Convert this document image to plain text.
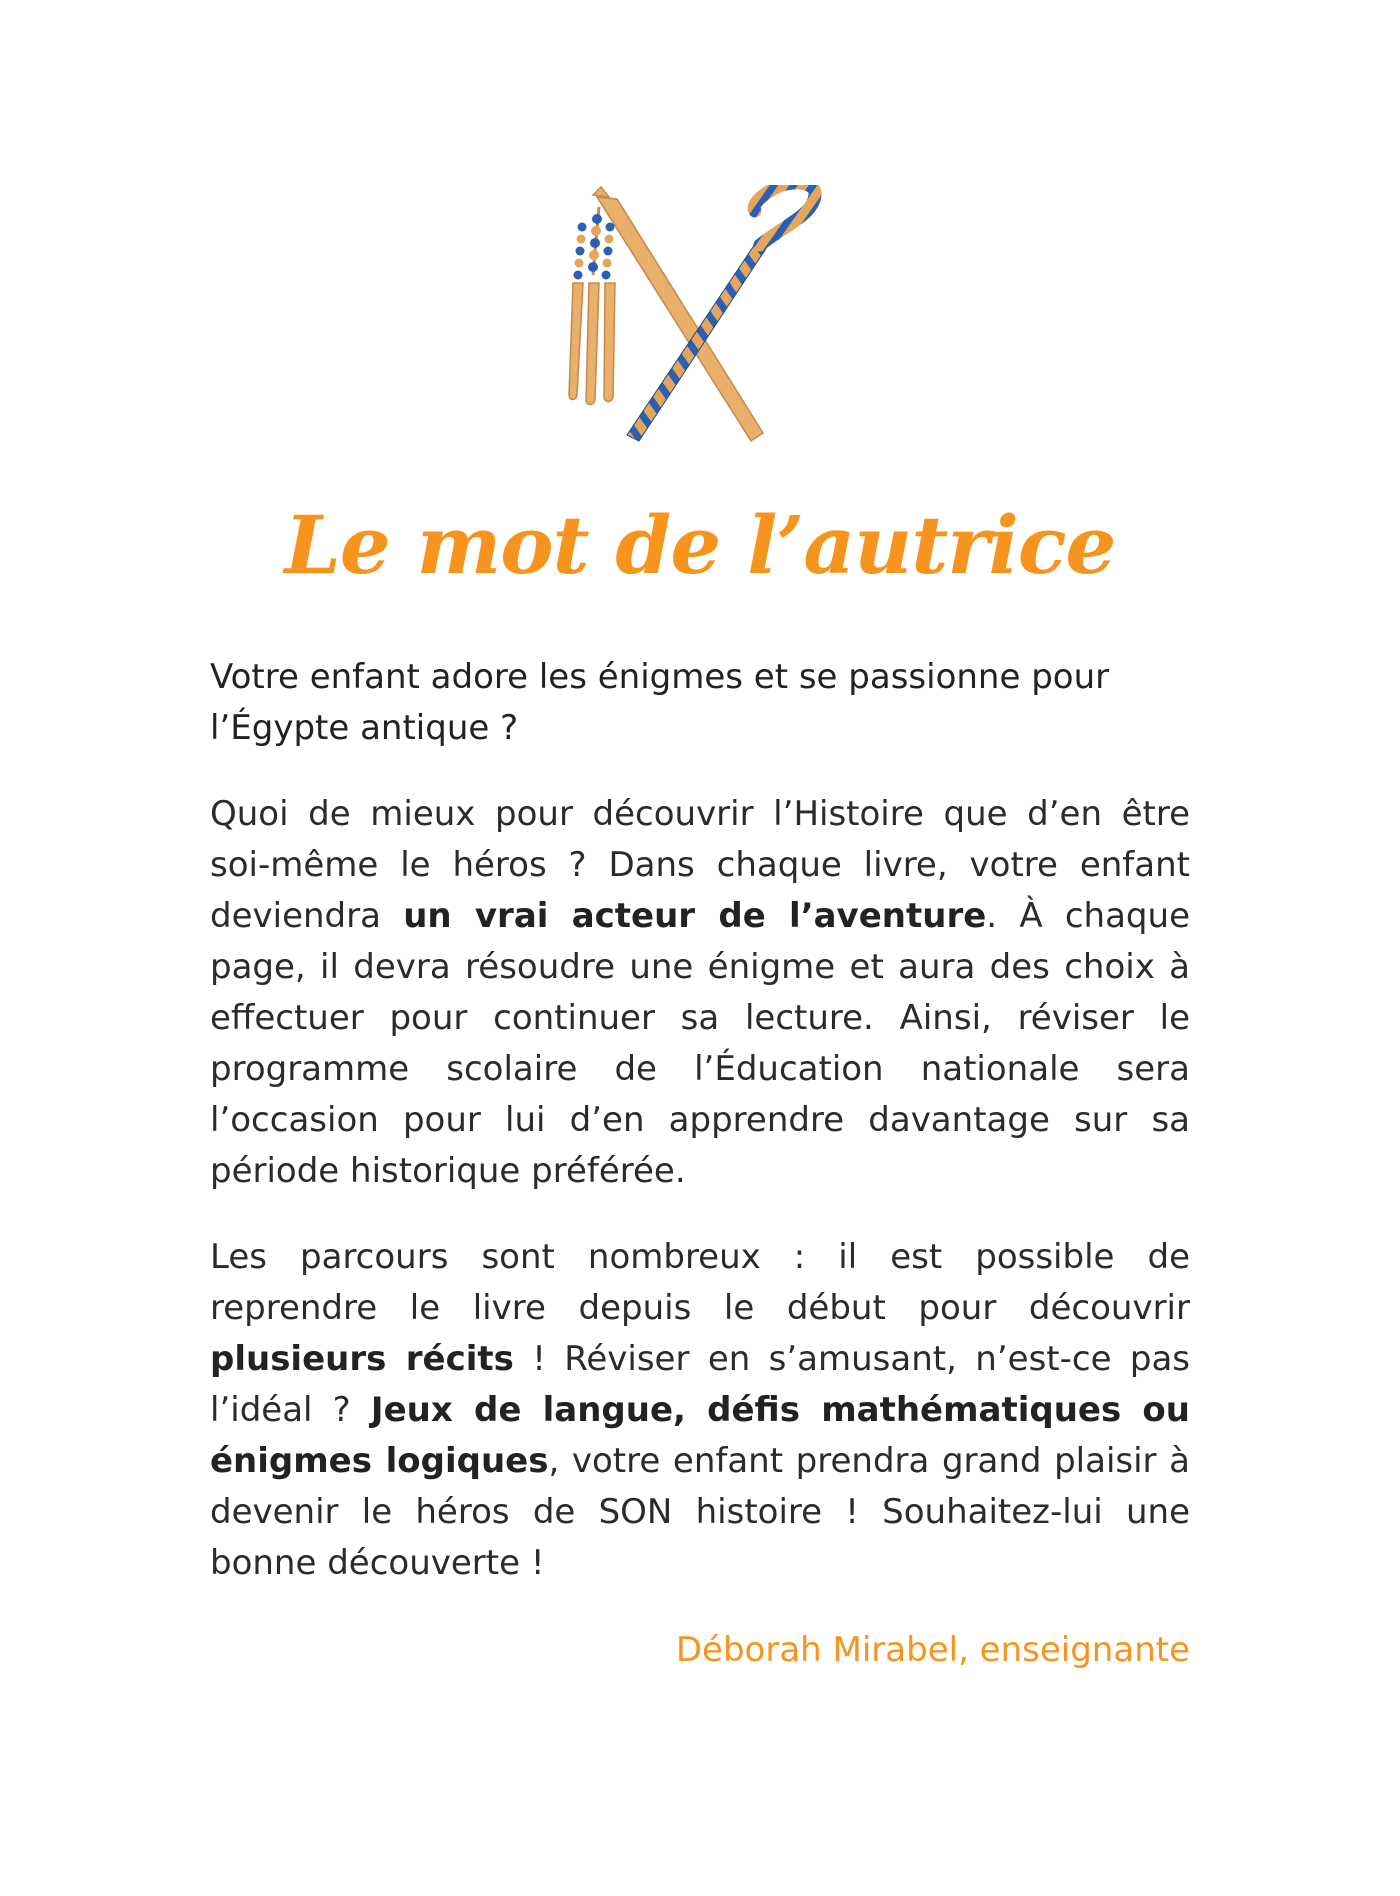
Le mot de l’autrice

Votre enfant adore les énigmes et se passionne pour l’Égypte antique ?

Quoi de mieux pour découvrir l’Histoire que d’en être soi-même le héros ? Dans chaque livre, votre enfant deviendra un vrai acteur de l’aventure. À chaque page, il devra résoudre une énigme et aura des choix à effectuer pour continuer sa lecture. Ainsi, réviser le programme scolaire de l’Éducation nationale sera l’occasion pour lui d’en apprendre davantage sur sa période historique préférée.

Les parcours sont nombreux : il est possible de reprendre le livre depuis le début pour découvrir plusieurs récits ! Réviser en s’amusant, n’est-ce pas l’idéal ? Jeux de langue, défis mathématiques ou énigmes logiques, votre enfant prendra grand plaisir à devenir le héros de SON histoire ! Souhaitez-lui une bonne découverte !

Déborah Mirabel, enseignante
